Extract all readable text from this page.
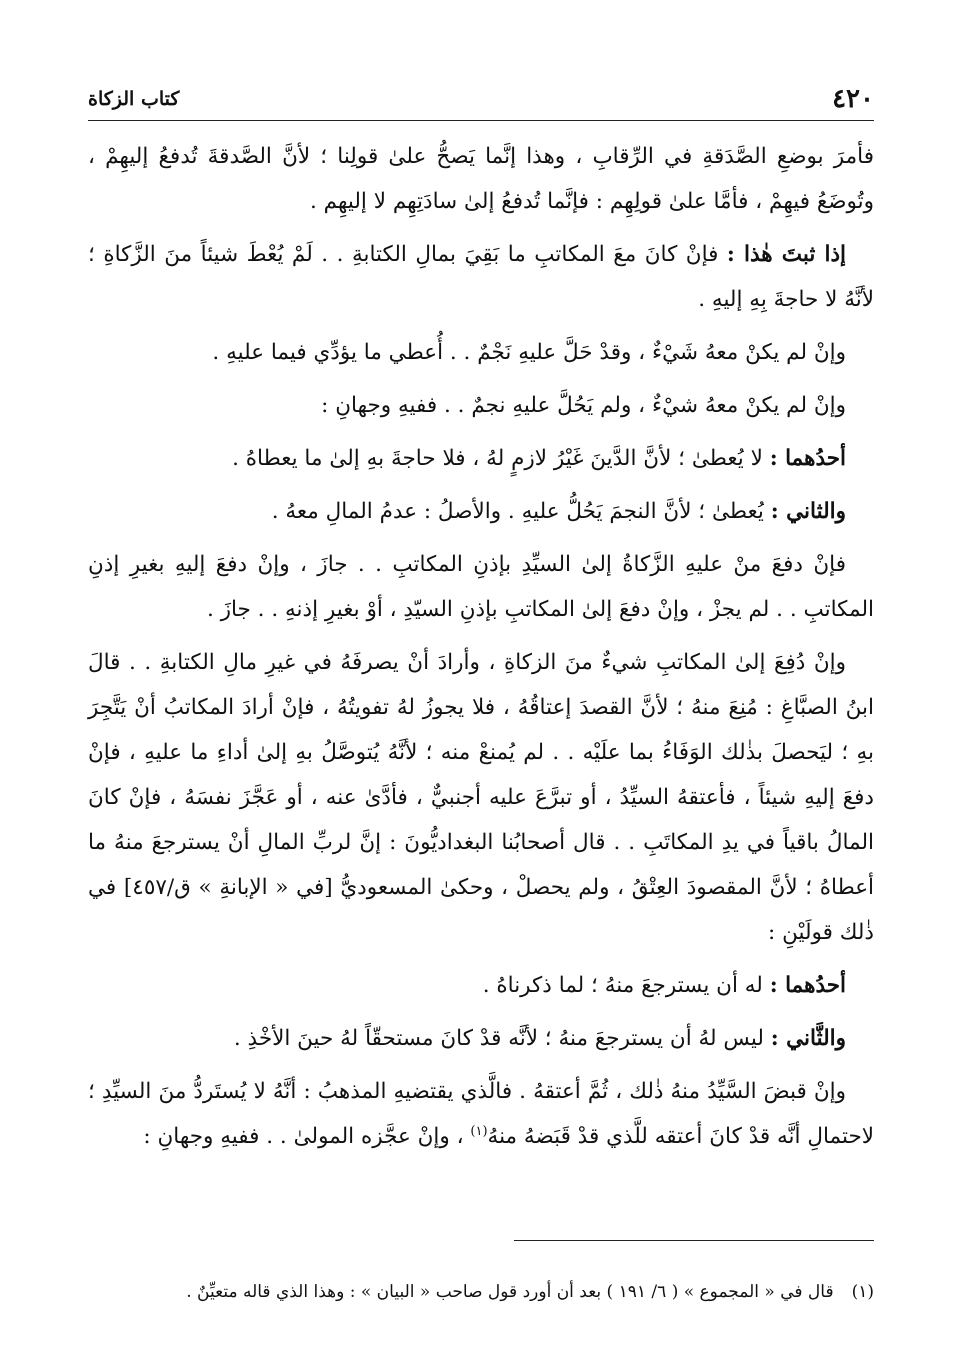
٤٢٠
كتاب الزكاة

فأمرَ بوضعِ الصَّدَقةِ في الرِّقابِ ، وهذا إنَّما يَصحُّ علىٰ قولِنا ؛ لأنَّ الصَّدقةَ تُدفعُ إليهِمْ ، وتُوضَعُ فيهِمْ ، فأمَّا علىٰ قولِهِم : فإنَّما تُدفعُ إلىٰ سادَتِهِم لا إليهِم .

إذا ثبتَ هٰذا : فإنْ كانَ معَ المكاتبِ ما بَقِيَ بمالِ الكتابةِ . . لَمْ يُعْطَ شيئاً منَ الزَّكاةِ ؛ لأنَّهُ لا حاجةَ بِهِ إليهِ .

وإنْ لم يكنْ معهُ شَيْءٌ ، وقدْ حَلَّ عليهِ نَجْمٌ . . أُعطي ما يؤدِّي فيما عليهِ .

وإنْ لم يكنْ معهُ شيْءٌ ، ولم يَحُلَّ عليهِ نجمٌ . . ففيهِ وجهانِ :

أحدُهما : لا يُعطىٰ ؛ لأنَّ الدَّينَ غَيْرُ لازمٍ لهُ ، فلا حاجةَ بهِ إلىٰ ما يعطاهُ .

والثاني : يُعطىٰ ؛ لأنَّ النجمَ يَحُلُّ عليهِ . والأصلُ : عدمُ المالِ معهُ .

فإنْ دفعَ منْ عليهِ الزَّكاةُ إلىٰ السيِّدِ بإذنِ المكاتبِ . . جازَ ، وإنْ دفعَ إليهِ بغيرِ إذنِ المكاتبِ . . لم يجزْ ، وإنْ دفعَ إلىٰ المكاتبِ بإذنِ السيّدِ ، أوْ بغيرِ إذنهِ . . جازَ .

وإنْ دُفِعَ إلىٰ المكاتبِ شيءٌ منَ الزكاةِ ، وأرادَ أنْ يصرفَهُ في غيرِ مالِ الكتابةِ . . قالَ ابنُ الصبَّاغِ : مُنِعَ منهُ ؛ لأنَّ القصدَ إعتاقُهُ ، فلا يجوزُ لهُ تفويتُهُ ، فإنْ أرادَ المكاتبُ أنْ يَتَّجِرَ بهِ ؛ ليَحصلَ بذٰلك الوَفَاءُ بما علَيْه . . لم يُمنعْ منه ؛ لأنَّهُ يُتوصَّلُ بهِ إلىٰ أداءِ ما عليهِ ، فإنْ دفعَ إليهِ شيئاً ، فأعتقهُ السيِّدُ ، أو تبرَّعَ عليه أجنبيٌّ ، فأدَّىٰ عنه ، أو عَجَّزَ نفسَهُ ، فإنْ كانَ المالُ باقياً في يدِ المكاتَبِ . . قال أصحابُنا البغداديُّونَ : إنَّ لربِّ المالِ أنْ يسترجعَ منهُ ما أعطاهُ ؛ لأنَّ المقصودَ العِتْقُ ، ولم يحصلْ ، وحكىٰ المسعوديُّ [في « الإبانةِ » ق/٤٥٧] في ذٰلك قولَيْنِ :

أحدُهما : له أن يسترجعَ منهُ ؛ لما ذكرناهُ .

والثَّاني : ليس لهُ أن يسترجعَ منهُ ؛ لأنَّه قدْ كانَ مستحقّاً لهُ حينَ الأخْذِ .

وإنْ قبضَ السَّيِّدُ منهُ ذٰلك ، ثُمَّ أعتقهُ . فالَّذي يقتضيهِ المذهبُ : أنَّهُ لا يُستَردُّ منَ السيِّدِ ؛ لاحتمالِ أنَّه قدْ كانَ أعتقه للَّذي قدْ قَبَضهُ منهُ$^{(١)}$ ، وإنْ عجَّزه المولىٰ . . ففيهِ وجهانِ :

(١)قال في « المجموع » ( ٦/ ١٩١ ) بعد أن أورد قول صاحب « البيان » : وهذا الذي قاله متعيِّنٌ .
